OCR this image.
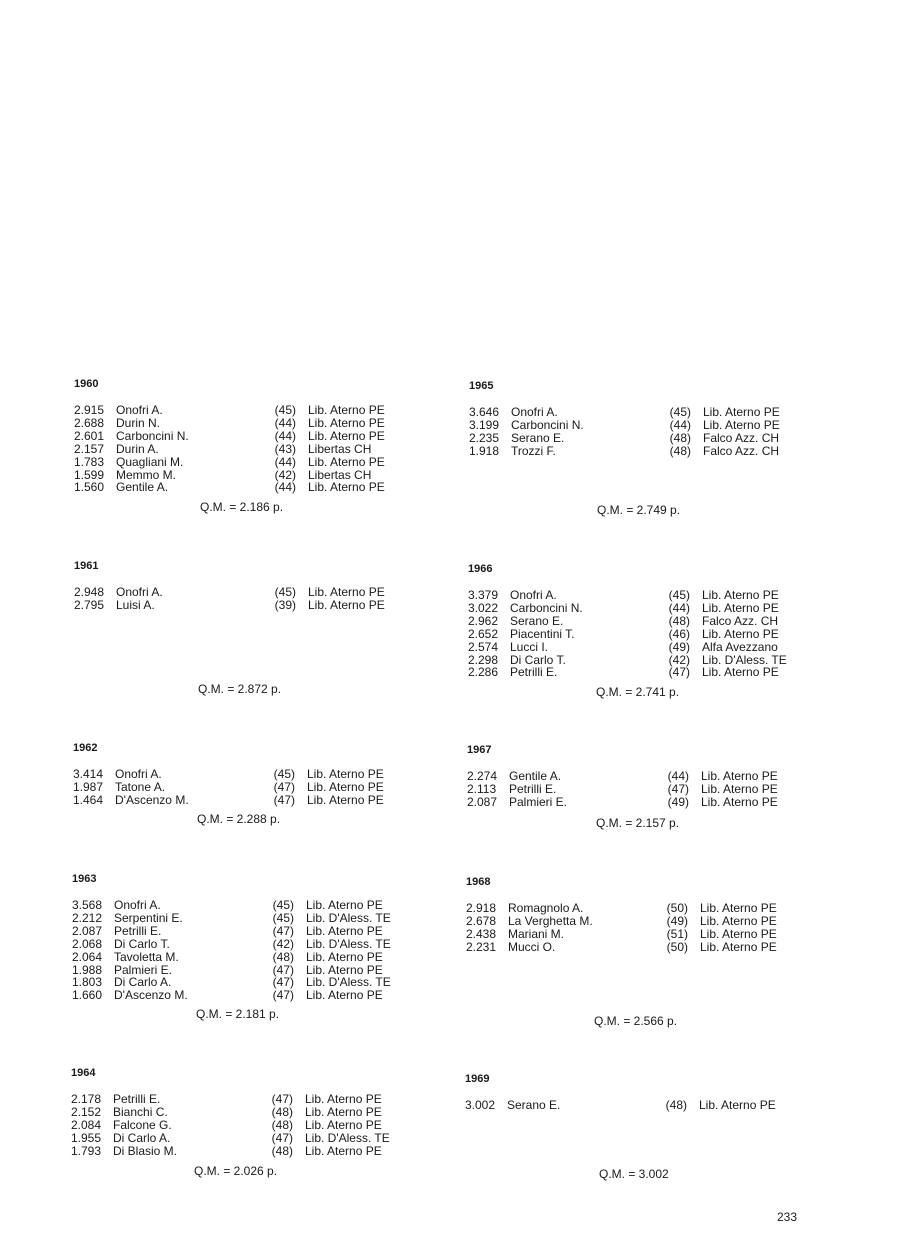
1960
2.915 Onofri A.	(45)	Lib. Aterno PE
2.688 Durin N.	(44)	Lib. Aterno PE
2.601 Carboncini N.	(44)	Lib. Aterno PE
2.157 Durin A.	(43)	Libertas CH
1.783 Quagliani M.	(44)	Lib. Aterno PE
1.599 Memmo M.	(42)	Libertas CH
1.560 Gentile A.	(44)	Lib. Aterno PE
Q.M. = 2.186 p.
1961
2.948 Onofri A.	(45)	Lib. Aterno PE
2.795 Luisi A.	(39)	Lib. Aterno PE
Q.M. = 2.872 p.
1962
3.414 Onofri A.	(45)	Lib. Aterno PE
1.987 Tatone A.	(47)	Lib. Aterno PE
1.464 D'Ascenzo M.	(47)	Lib. Aterno PE
Q.M. = 2.288 p.
1963
3.568 Onofri A.	(45)	Lib. Aterno PE
2.212 Serpentini E.	(45)	Lib. D'Aless. TE
2.087 Petrilli E.	(47)	Lib. Aterno PE
2.068 Di Carlo T.	(42)	Lib. D'Aless. TE
2.064 Tavoletta M.	(48)	Lib. Aterno PE
1.988 Palmieri E.	(47)	Lib. Aterno PE
1.803 Di Carlo A.	(47)	Lib. D'Aless. TE
1.660 D'Ascenzo M.	(47)	Lib. Aterno PE
Q.M. = 2.181 p.
1964
2.178 Petrilli E.	(47)	Lib. Aterno PE
2.152 Bianchi C.	(48)	Lib. Aterno PE
2.084 Falcone G.	(48)	Lib. Aterno PE
1.955 Di Carlo A.	(47)	Lib. D'Aless. TE
1.793 Di Blasio M.	(48)	Lib. Aterno PE
Q.M. = 2.026 p.
1965
3.646 Onofri A.	(45)	Lib. Aterno PE
3.199 Carboncini N.	(44)	Lib. Aterno PE
2.235 Serano E.	(48)	Falco Azz. CH
1.918 Trozzi F.	(48)	Falco Azz. CH
Q.M. = 2.749 p.
1966
3.379 Onofri A.	(45)	Lib. Aterno PE
3.022 Carboncini N.	(44)	Lib. Aterno PE
2.962 Serano E.	(48)	Falco Azz. CH
2.652 Piacentini T.	(46)	Lib. Aterno PE
2.574 Lucci I.	(49)	Alfa Avezzano
2.298 Di Carlo T.	(42)	Lib. D'Aless. TE
2.286 Petrilli E.	(47)	Lib. Aterno PE
Q.M. = 2.741 p.
1967
2.274 Gentile A.	(44)	Lib. Aterno PE
2.113	Petrilli E.	(47)	Lib. Aterno PE
2.087 Palmieri E.	(49)	Lib. Aterno PE
Q.M. = 2.157 p.
1968
2.918 Romagnolo A.	(50)	Lib. Aterno PE
2.678 La Verghetta M.	(49)	Lib. Aterno PE
2.438 Mariani M.	(51)	Lib. Aterno PE
2.231 Mucci O.	(50)	Lib. Aterno PE
Q.M. = 2.566 p.
1969
3.002 Serano E.	(48)	Lib. Aterno PE
Q.M. = 3.002
233
